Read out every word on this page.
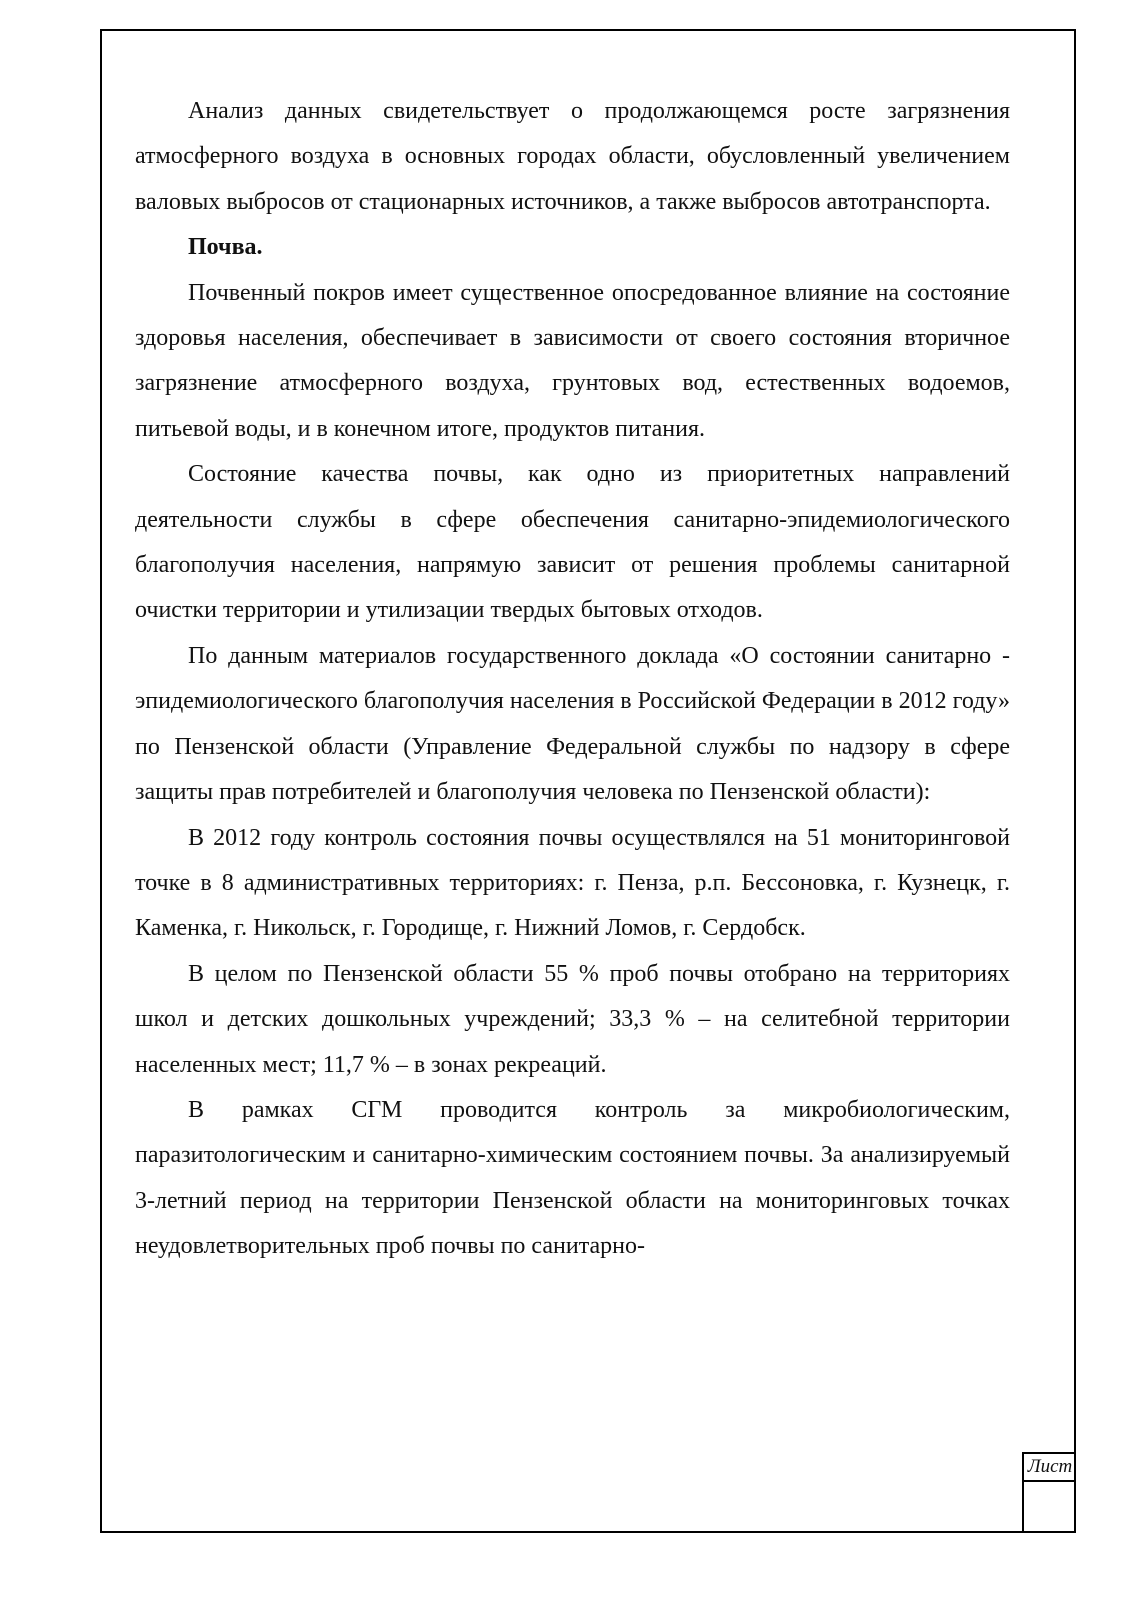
Анализ данных свидетельствует о продолжающемся росте загрязнения атмосферного воздуха в основных городах области, обусловленный увеличением валовых выбросов от стационарных источников, а также выбросов автотранспорта.

Почва.

Почвенный покров имеет существенное опосредованное влияние на состояние здоровья населения, обеспечивает в зависимости от своего состояния вторичное загрязнение атмосферного воздуха, грунтовых вод, естественных водоемов, питьевой воды, и в конечном итоге, продуктов питания.

Состояние качества почвы, как одно из приоритетных направлений деятельности службы в сфере обеспечения санитарно-эпидемиологического благополучия населения, напрямую зависит от решения проблемы санитарной очистки территории и утилизации твердых бытовых отходов.

По данным материалов государственного доклада «О состоянии санитарно - эпидемиологического благополучия населения в Российской Федерации в 2012 году» по Пензенской области (Управление Федеральной службы по надзору в сфере защиты прав потребителей и благополучия человека по Пензенской области):

В 2012 году контроль состояния почвы осуществлялся на 51 мониторинговой точке в 8 административных территориях: г. Пенза, р.п. Бессоновка, г. Кузнецк, г. Каменка, г. Никольск, г. Городище, г. Нижний Ломов, г. Сердобск.

В целом по Пензенской области 55 % проб почвы отобрано на территориях школ и детских дошкольных учреждений; 33,3 % – на селитебной территории населенных мест; 11,7 % – в зонах рекреаций.

В рамках СГМ проводится контроль за микробиологическим, паразитологическим и санитарно-химическим состоянием почвы. За анализируемый 3-летний период на территории Пензенской области на мониторинговых точках неудовлетворительных проб почвы по санитарно-

Лист
